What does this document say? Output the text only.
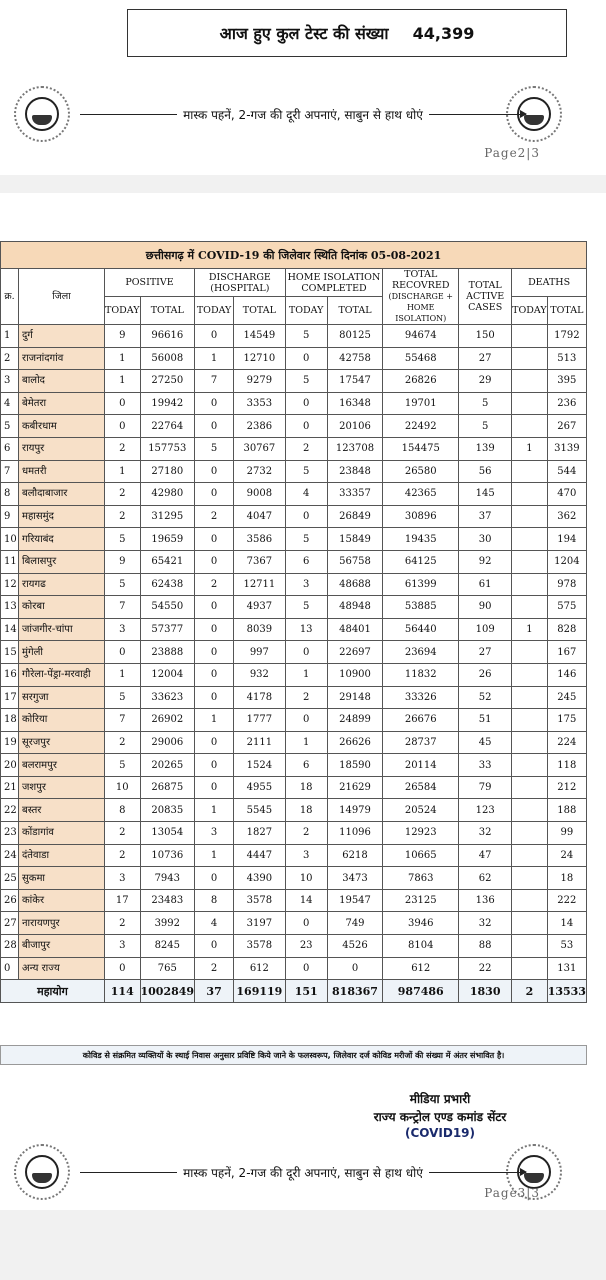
आज हुए कुल टेस्ट की संख्या 44,399
मास्क पहनें, 2-गज की दूरी अपनाएं, साबुन से हाथ धोएं
Page2|3
छत्तीसगढ़ में COVID-19 की जिलेवार स्थिति दिनांक 05-08-2021											
क्र.	जिला	POSITIVE		DISCHARGE (HOSPITAL)		HOME ISOLATION COMPLETED		TOTAL RECOVRED
(DISCHARGE + HOME ISOLATION)	TOTAL ACTIVE CASES	DEATHS	
		TODAY	TOTAL	TODAY	TOTAL	TODAY	TOTAL			TODAY	TOTAL
1	दुर्ग	9	96616	0	14549	5	80125	94674	150		1792
2	राजनांदगांव	1	56008	1	12710	0	42758	55468	27		513
3	बालोद	1	27250	7	9279	5	17547	26826	29		395
4	बेमेतरा	0	19942	0	3353	0	16348	19701	5		236
5	कबीरधाम	0	22764	0	2386	0	20106	22492	5		267
6	रायपुर	2	157753	5	30767	2	123708	154475	139	1	3139
7	धमतरी	1	27180	0	2732	5	23848	26580	56		544
8	बलौदाबाजार	2	42980	0	9008	4	33357	42365	145		470
9	महासमुंद	2	31295	2	4047	0	26849	30896	37		362
10	गरियाबंद	5	19659	0	3586	5	15849	19435	30		194
11	बिलासपुर	9	65421	0	7367	6	56758	64125	92		1204
12	रायगढ	5	62438	2	12711	3	48688	61399	61		978
13	कोरबा	7	54550	0	4937	5	48948	53885	90		575
14	जांजगीर-चांपा	3	57377	0	8039	13	48401	56440	109	1	828
15	मुंगेली	0	23888	0	997	0	22697	23694	27		167
16	गौरेला-पेंड्रा-मरवाही	1	12004	0	932	1	10900	11832	26		146
17	सरगुजा	5	33623	0	4178	2	29148	33326	52		245
18	कोरिया	7	26902	1	1777	0	24899	26676	51		175
19	सूरजपुर	2	29006	0	2111	1	26626	28737	45		224
20	बलरामपुर	5	20265	0	1524	6	18590	20114	33		118
21	जशपुर	10	26875	0	4955	18	21629	26584	79		212
22	बस्तर	8	20835	1	5545	18	14979	20524	123		188
23	कोंडागांव	2	13054	3	1827	2	11096	12923	32		99
24	दंतेवाडा	2	10736	1	4447	3	6218	10665	47		24
25	सुकमा	3	7943	0	4390	10	3473	7863	62		18
26	कांकेर	17	23483	8	3578	14	19547	23125	136		222
27	नारायणपुर	2	3992	4	3197	0	749	3946	32		14
28	बीजापुर	3	8245	0	3578	23	4526	8104	88		53
0	अन्य राज्य	0	765	2	612	0	0	612	22		131
महायोग		114	1002849	37	169119	151	818367	987486	1830	2	13533
कोविड से संक्रमित व्यक्तियों के स्थाई निवास अनुसार प्रविष्टि किये जाने के फलस्वरूप, जिलेवार दर्ज कोविड मरीजों की संख्या में अंतर संभावित है।
मीडिया प्रभारी
राज्य कन्ट्रोल एण्ड कमांड सेंटर
(COVID19)
मास्क पहनें, 2-गज की दूरी अपनाएं, साबुन से हाथ धोएं
Page3|3
